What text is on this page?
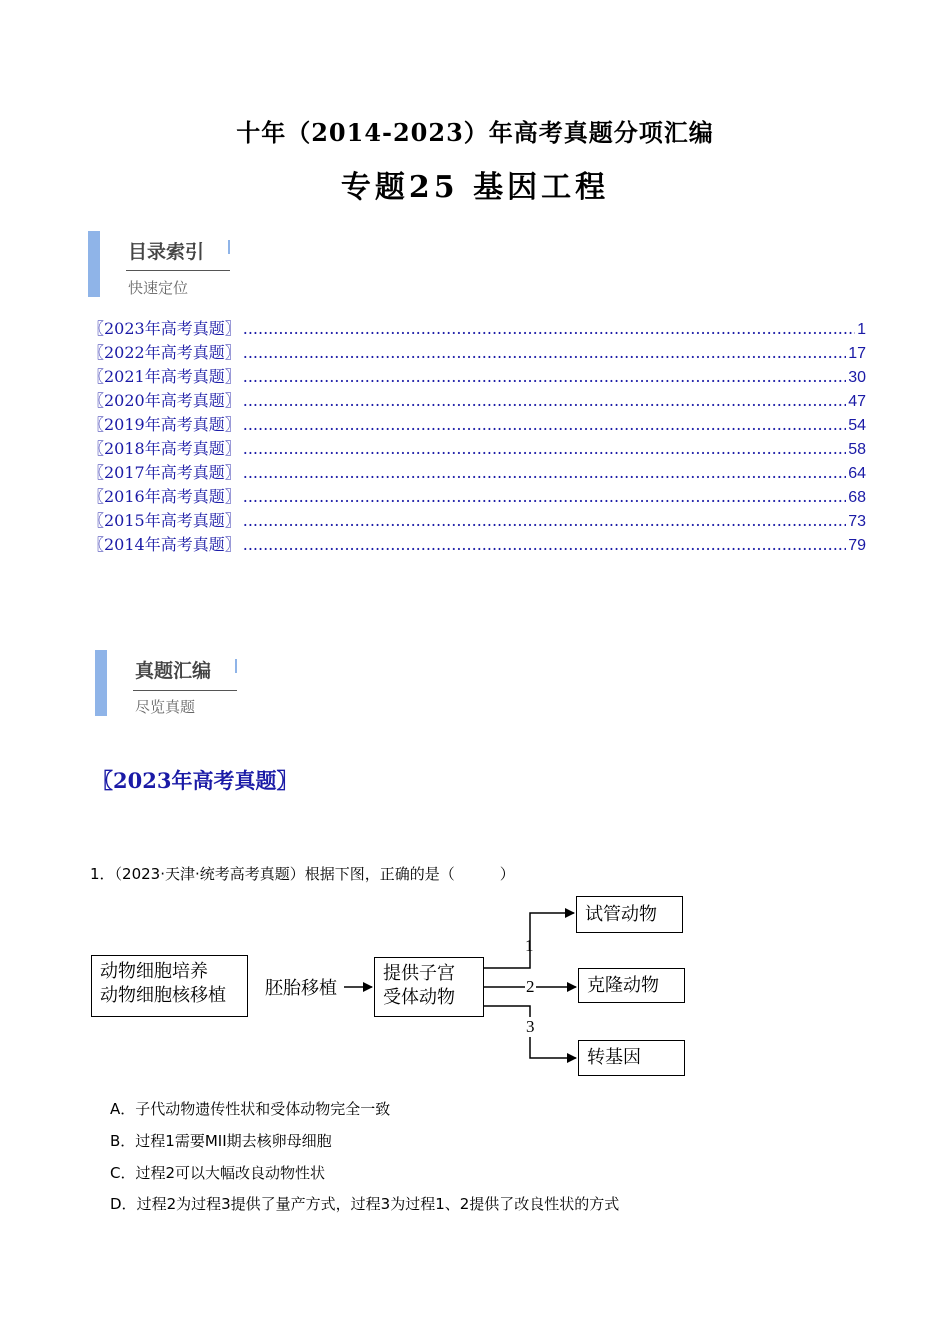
十年（2014-2023）年高考真题分项汇编
专题25 基因工程
目录索引
快速定位
〖2023年高考真题〗 .....	1
〖2022年高考真题〗 .....	17
〖2021年高考真题〗 .....	30
〖2020年高考真题〗 .....	47
〖2019年高考真题〗 .....	54
〖2018年高考真题〗 .....	58
〖2017年高考真题〗 .....	64
〖2016年高考真题〗 .....	68
〖2015年高考真题〗 .....	73
〖2014年高考真题〗 .....	79
真题汇编
尽览真题
〖2023年高考真题〗
1．（2023·天津·统考高考真题）根据下图，正确的是（　　　）
动物细胞培养
动物细胞核移植	胚胎移植
提供子宫
受体动物
1
2
3
试管动物
克隆动物
转基因
A．子代动物遗传性状和受体动物完全一致
B．过程1需要MII期去核卵母细胞
C．过程2可以大幅改良动物性状
D．过程2为过程3提供了量产方式，过程3为过程1、2提供了改良性状的方式
